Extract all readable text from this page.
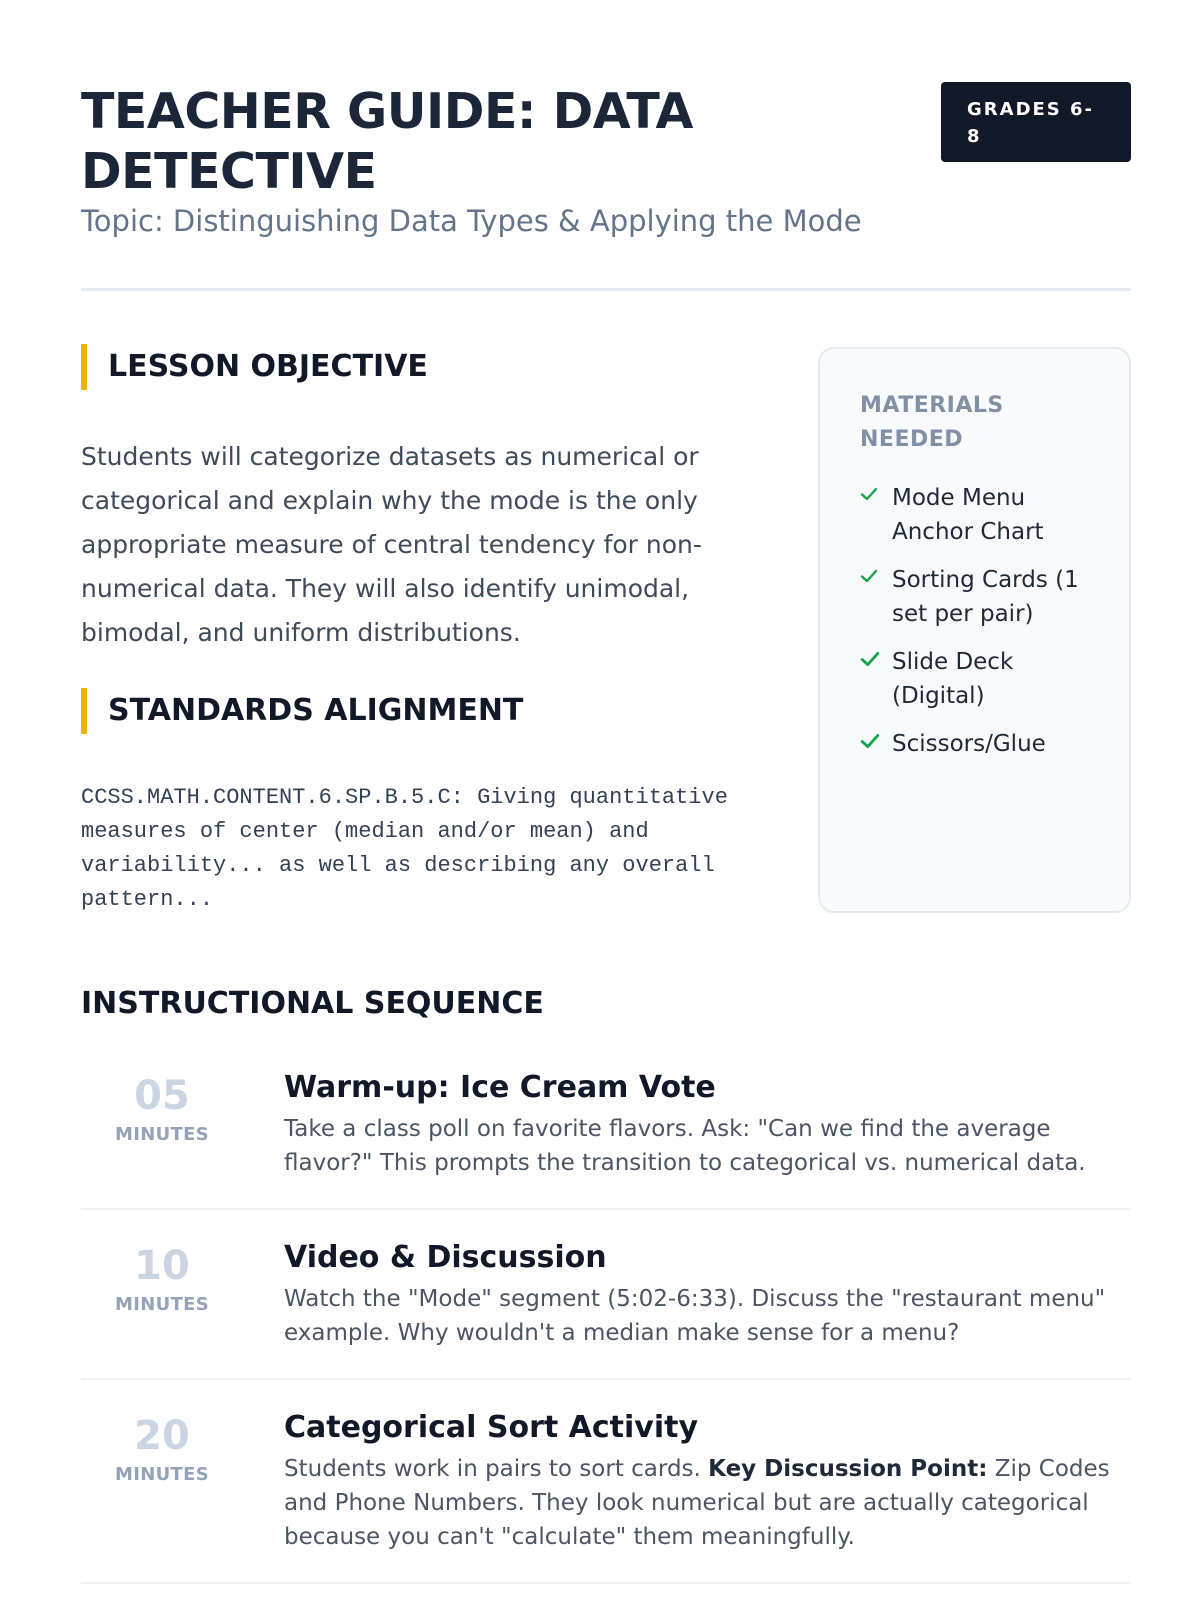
TEACHER GUIDE: DATA DETECTIVE

Topic: Distinguishing Data Types & Applying the Mode

GRADES 6-8
LESSON OBJECTIVE

Students will categorize datasets as numerical or categorical and explain why the mode is the only appropriate measure of central tendency for non-numerical data. They will also identify unimodal, bimodal, and uniform distributions.

STANDARDS ALIGNMENT

CCSS.MATH.CONTENT.6.SP.B.5.C: Giving quantitative measures of center (median and/or mean) and variability... as well as describing any overall pattern...

MATERIALS NEEDED
Mode Menu Anchor Chart
Sorting Cards (1 set per pair)
Slide Deck (Digital)
Scissors/Glue
INSTRUCTIONAL SEQUENCE
05
MINUTES
Warm-up: Ice Cream Vote

Take a class poll on favorite flavors. Ask: "Can we find the average flavor?" This prompts the transition to categorical vs. numerical data.

10
MINUTES
Video & Discussion

Watch the "Mode" segment (5:02-6:33). Discuss the "restaurant menu" example. Why wouldn't a median make sense for a menu?

20
MINUTES
Categorical Sort Activity

Students work in pairs to sort cards. Key Discussion Point: Zip Codes and Phone Numbers. They look numerical but are actually categorical because you can't "calculate" them meaningfully.
